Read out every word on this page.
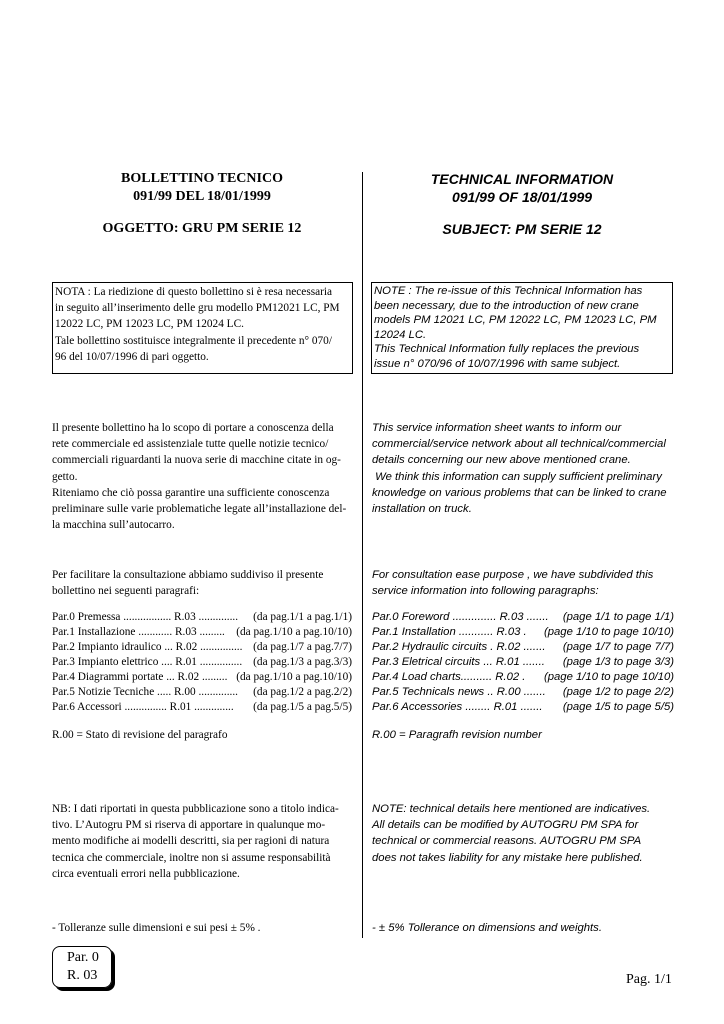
BOLLETTINO TECNICO
091/99 DEL 18/01/1999
OGGETTO: GRU PM SERIE 12
TECHNICAL INFORMATION
091/99 OF 18/01/1999
SUBJECT: PM SERIE 12
NOTA : La riedizione di questo bollettino si è resa necessaria
in seguito all’inserimento delle gru modello PM12021 LC, PM
12022 LC, PM 12023 LC, PM 12024 LC.
Tale bollettino sostituisce integralmente il precedente n° 070/
96 del 10/07/1996 di pari oggetto.
NOTE : The re-issue of this Technical Information has
been necessary, due to the introduction of new crane
models PM 12021 LC, PM 12022 LC, PM 12023 LC, PM
12024 LC.
This Technical Information fully replaces the previous
issue n° 070/96 of 10/07/1996 with same subject.
Il presente bollettino ha lo scopo di portare a conoscenza della
rete commerciale ed assistenziale tutte quelle notizie tecnico/
commerciali riguardanti la nuova serie di macchine citate in og-
getto.
Riteniamo che ciò possa garantire una sufficiente conoscenza
preliminare sulle varie problematiche legate all’installazione del-
la macchina sull’autocarro.
This service information sheet wants to inform our
commercial/service network about all technical/commercial
details concerning our new above mentioned crane.
We think this information can supply sufficient preliminary
knowledge on various problems that can be linked to crane
installation on truck.
Per facilitare la consultazione abbiamo suddiviso il presente
bollettino nei seguenti paragrafi:
For consultation ease purpose , we have subdivided this
service information into following paragraphs:
Par.0 Premessa ................. R.03 .............. (da pag.1/1 a pag.1/1)
Par.1 Installazione ............ R.03 ......... (da pag.1/10 a pag.10/10)
Par.2 Impianto idraulico ... R.02 ............... (da pag.1/7 a pag.7/7)
Par.3 Impianto elettrico .... R.01 ............... (da pag.1/3 a pag.3/3)
Par.4 Diagrammi portate ... R.02 ......... (da pag.1/10 a pag.10/10)
Par.5 Notizie Tecniche ..... R.00 .............. (da pag.1/2 a pag.2/2)
Par.6 Accessori ............... R.01 .............. (da pag.1/5 a pag.5/5)
Par.0 Foreword .............. R.03 ....... (page 1/1 to page 1/1)
Par.1 Installation ........... R.03 . (page 1/10 to page 10/10)
Par.2 Hydraulic circuits . R.02 ....... (page 1/7 to page 7/7)
Par.3 Eletrical circuits ... R.01 ....... (page 1/3 to page 3/3)
Par.4 Load charts.......... R.02 . (page 1/10 to page 10/10)
Par.5 Technicals news .. R.00 ....... (page 1/2 to page 2/2)
Par.6 Accessories ........ R.01 ....... (page 1/5 to page 5/5)
R.00 = Stato di revisione del paragrafo	R.00 = Paragrafh revision number
NB: I dati riportati in questa pubblicazione sono a titolo indica-
tivo. L’Autogru PM si riserva di apportare in qualunque mo-
mento modifiche ai modelli descritti, sia per ragioni di natura
tecnica che commerciale, inoltre non si assume responsabilità
circa eventuali errori nella pubblicazione.
NOTE: technical details here mentioned are indicatives.
All details can be modified by AUTOGRU PM SPA for
technical or commercial reasons. AUTOGRU PM SPA
does not takes liability for any mistake here published.
- Tolleranze sulle dimensioni e sui pesi ± 5% .	- ± 5% Tollerance on dimensions and weights.
Par. 0
R. 03	Pag. 1/1
